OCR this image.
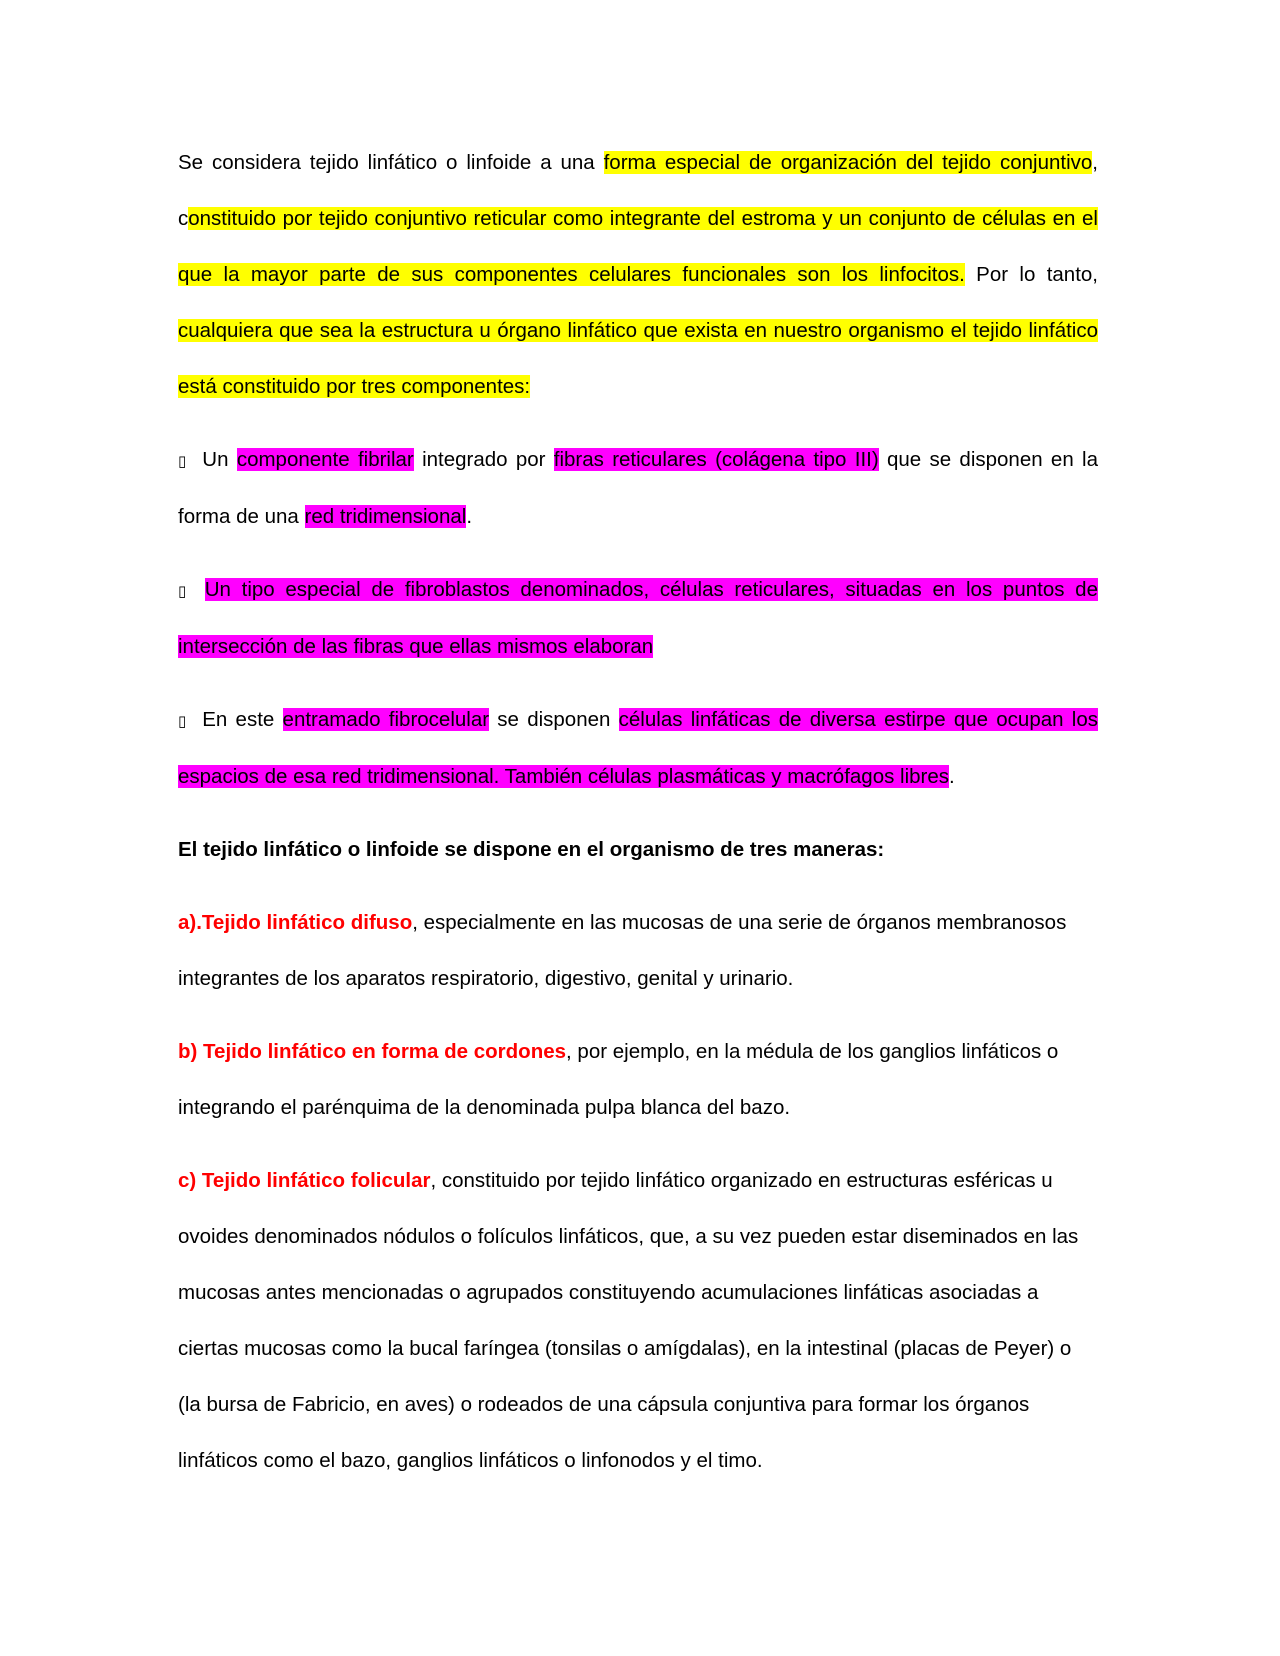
Se considera tejido linfático o linfoide a una forma especial de organización del tejido conjuntivo, constituido por tejido conjuntivo reticular como integrante del estroma y un conjunto de células en el que la mayor parte de sus componentes celulares funcionales son los linfocitos. Por lo tanto, cualquiera que sea la estructura u órgano linfático que exista en nuestro organismo el tejido linfático está constituido por tres componentes:

▯ Un componente fibrilar integrado por fibras reticulares (colágena tipo III) que se disponen en la forma de una red tridimensional.

▯ Un tipo especial de fibroblastos denominados, células reticulares, situadas en los puntos de intersección de las fibras que ellas mismos elaboran

▯ En este entramado fibrocelular se disponen células linfáticas de diversa estirpe que ocupan los espacios de esa red tridimensional. También células plasmáticas y macrófagos libres.

El tejido linfático o linfoide se dispone en el organismo de tres maneras:

a).Tejido linfático difuso, especialmente en las mucosas de una serie de órganos membranosos integrantes de los aparatos respiratorio, digestivo, genital y urinario.

b) Tejido linfático en forma de cordones, por ejemplo, en la médula de los ganglios linfáticos o integrando el parénquima de la denominada pulpa blanca del bazo.

c) Tejido linfático folicular, constituido por tejido linfático organizado en estructuras esféricas u ovoides denominados nódulos o folículos linfáticos, que, a su vez pueden estar diseminados en las mucosas antes mencionadas o agrupados constituyendo acumulaciones linfáticas asociadas a ciertas mucosas como la bucal faríngea (tonsilas o amígdalas), en la intestinal (placas de Peyer) o (la bursa de Fabricio, en aves) o rodeados de una cápsula conjuntiva para formar los órganos linfáticos como el bazo, ganglios linfáticos o linfonodos y el timo.
